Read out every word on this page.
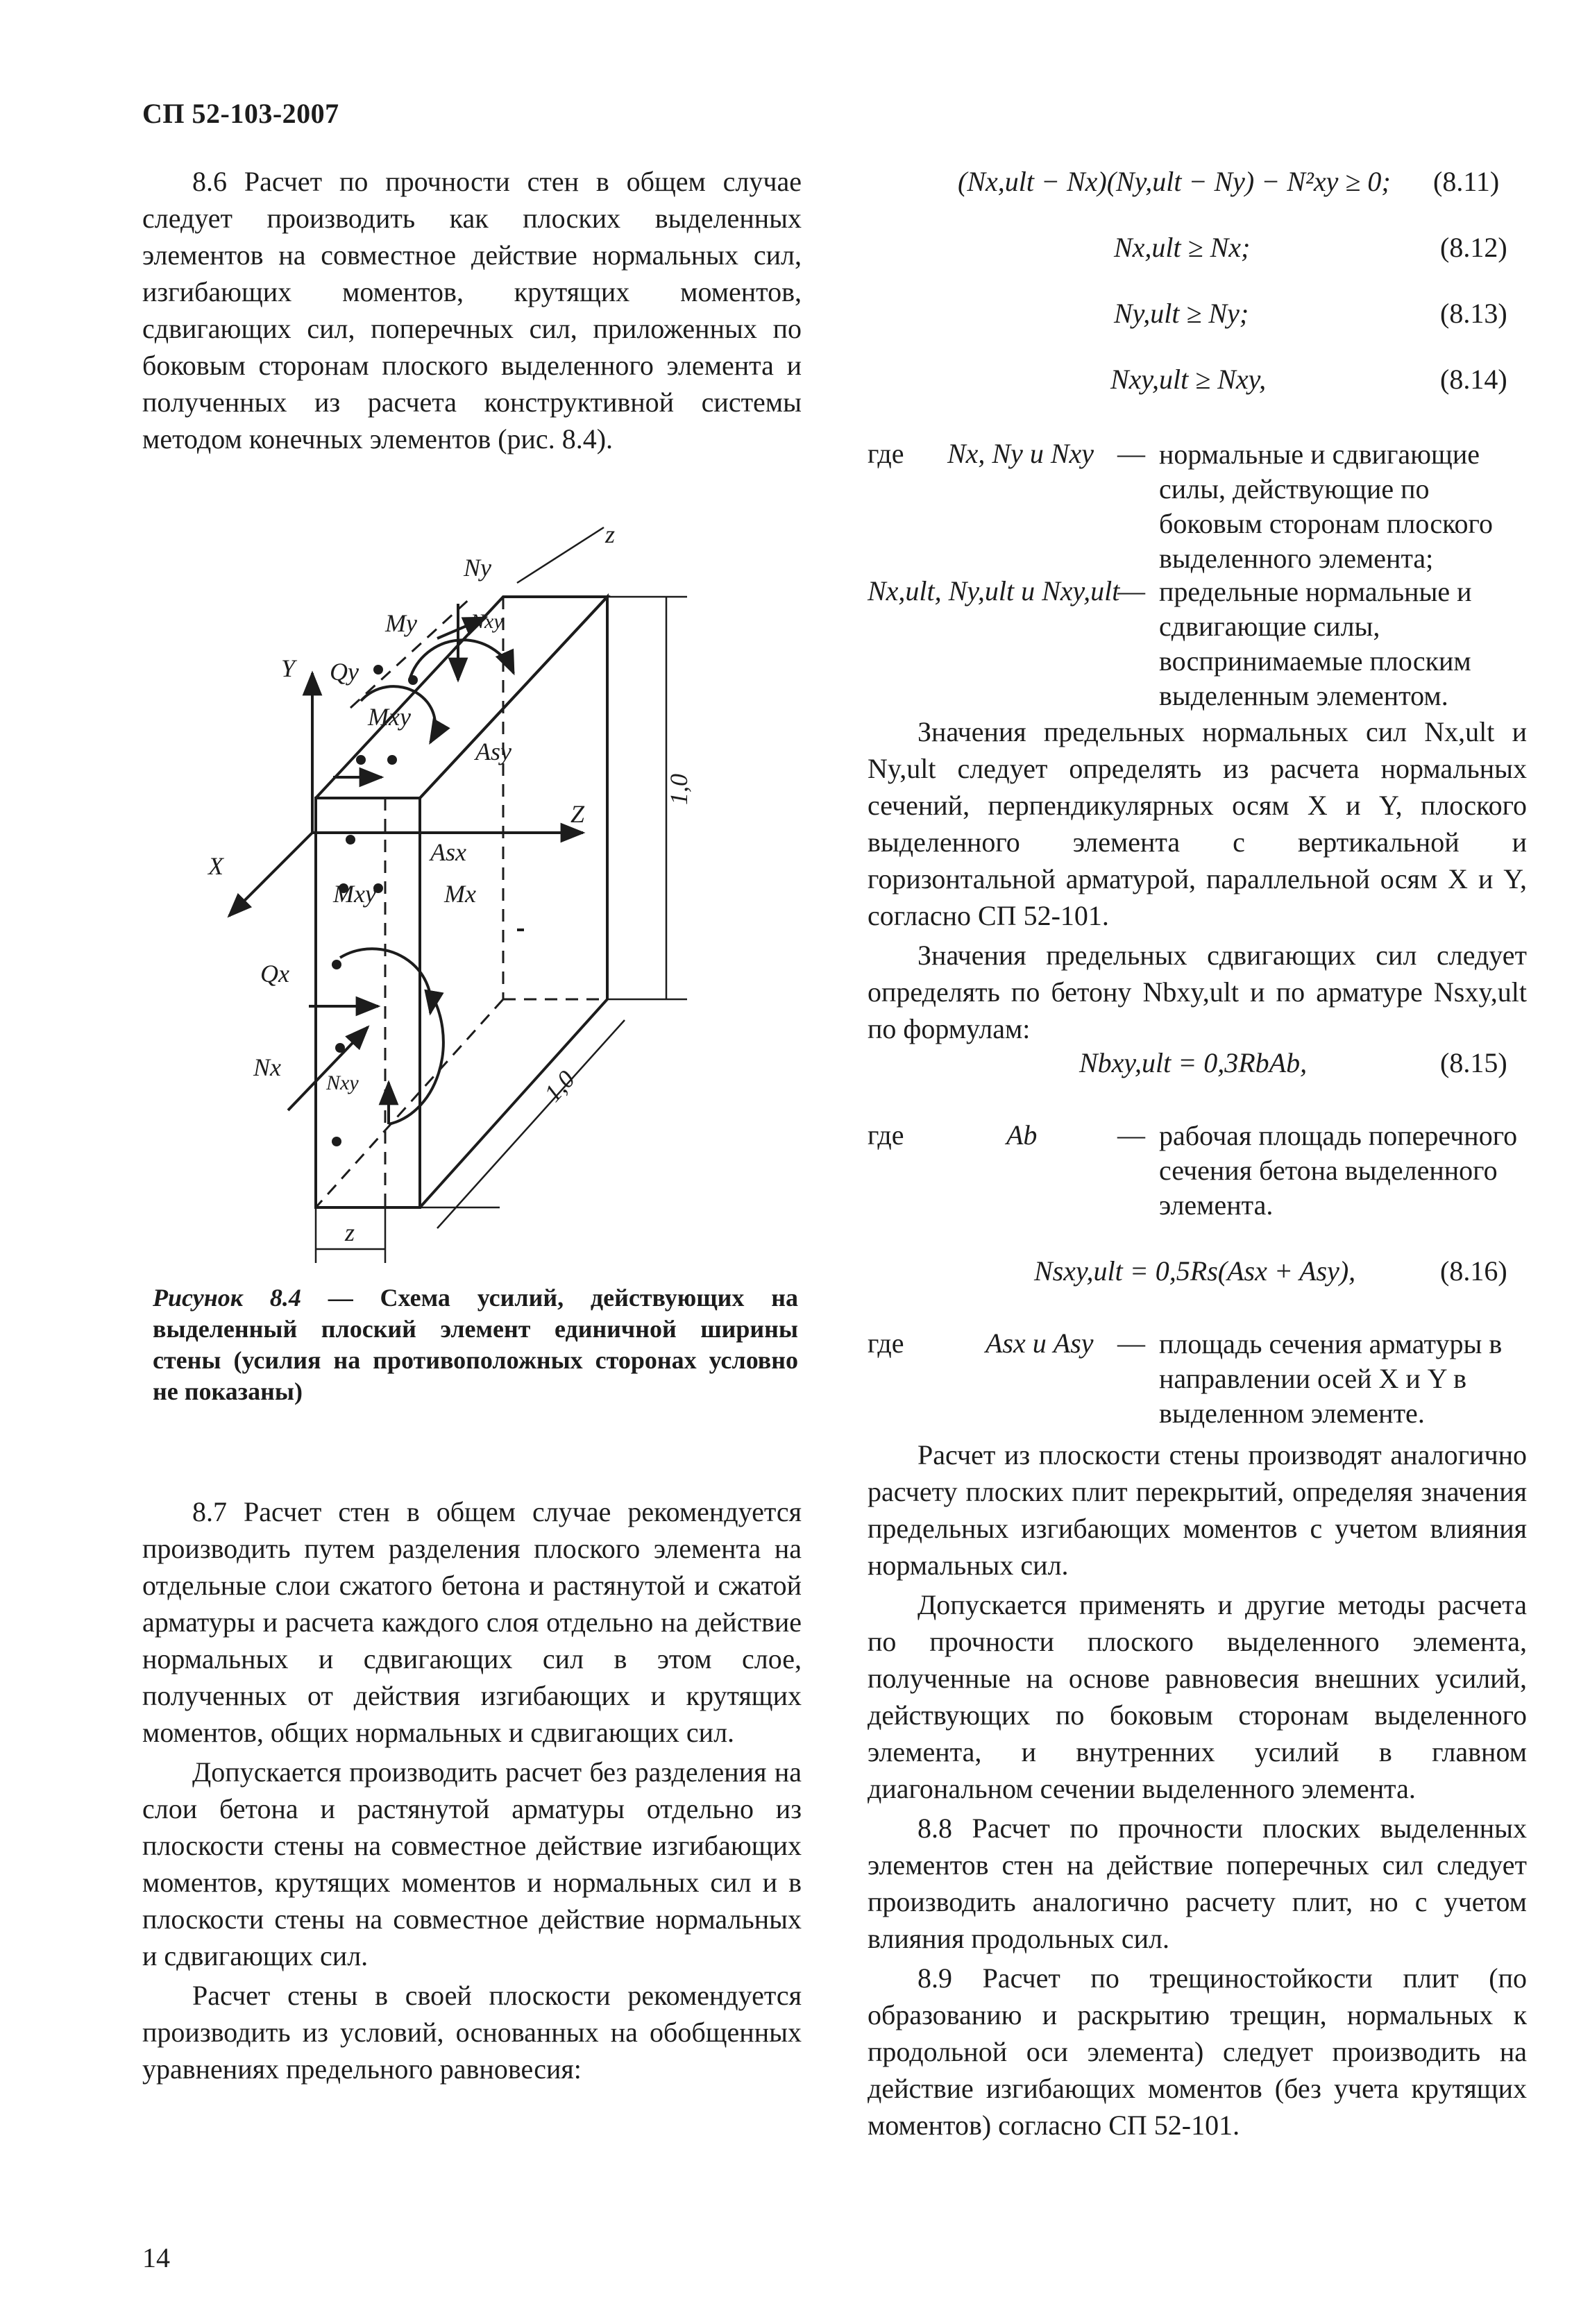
СП 52-103-2007

8.6 Расчет по прочности стен в общем случае следует производить как плоских выделенных элементов на совместное действие нормальных сил, изгибающих моментов, крутящих моментов, сдвигающих сил, поперечных сил, приложенных по боковым сторонам плоского выделенного элемента и полученных из расчета конструктивной системы методом конечных элементов (рис. 8.4).

Ny
My	Nxy
Y Qy
Mxy
Asy
Z
X	Asx
Mxy	Mx
Qx
Nx
Nxy
z
z
1,0
1,0
Рисунок 8.4 — Схема усилий, действующих на выделенный плоский элемент единичной ширины стены (усилия на противоположных сторонах условно не показаны)

8.7 Расчет стен в общем случае рекомендуется производить путем разделения плоского элемента на отдельные слои сжатого бетона и растянутой и сжатой арматуры и расчета каждого слоя отдельно на действие нормальных и сдвигающих сил в этом слое, полученных от действия изгибающих и крутящих моментов, общих нормальных и сдвигающих сил.

Допускается производить расчет без разделения на слои бетона и растянутой арматуры отдельно из плоскости стены на совместное действие изгибающих моментов, крутящих моментов и нормальных сил и в плоскости стены на совместное действие нормальных и сдвигающих сил.

Расчет стены в своей плоскости рекомендуется производить из условий, основанных на обобщенных уравнениях предельного равновесия:

14
(Nx,ult − Nx)(Ny,ult − Ny) − N²xy ≥ 0; (8.11)
Nx,ult ≥ Nx;	(8.12)
Ny,ult ≥ Ny;	(8.13)
Nxy,ult ≥ Nxy,	(8.14)
где Nx, Ny и Nxy — нормальные и сдвигающие силы, действующие по боковым сторонам плоского выделенного элемента;
Nx,ult, Ny,ult и Nxy,ult
— предельные нормальные и сдвигающие силы, воспринимаемые плоским выделенным элементом.

Значения предельных нормальных сил Nx,ult и Ny,ult следует определять из расчета нормальных сечений, перпендикулярных осям X и Y, плоского выделенного элемента с вертикальной и горизонтальной арматурой, параллельной осям X и Y, согласно СП 52-101.

Значения предельных сдвигающих сил следует определять по бетону Nbxy,ult и по арматуре Nsxy,ult по формулам:

Nbxy,ult = 0,3RbAb,	(8.15)
где	Ab	— рабочая площадь поперечного сечения бетона выделенного элемента.
Nsxy,ult = 0,5Rs(Asx + Asy),	(8.16)
где	Asx и Asy — площадь сечения арматуры в направлении осей X и Y в выделенном элементе.

Расчет из плоскости стены производят аналогично расчету плоских плит перекрытий, определяя значения предельных изгибающих моментов с учетом влияния нормальных сил.

Допускается применять и другие методы расчета по прочности плоского выделенного элемента, полученные на основе равновесия внешних усилий, действующих по боковым сторонам выделенного элемента, и внутренних усилий в главном диагональном сечении выделенного элемента.

8.8 Расчет по прочности плоских выделенных элементов стен на действие поперечных сил следует производить аналогично расчету плит, но с учетом влияния продольных сил.

8.9 Расчет по трещиностойкости плит (по образованию и раскрытию трещин, нормальных к продольной оси элемента) следует производить на действие изгибающих моментов (без учета крутящих моментов) согласно СП 52-101.
